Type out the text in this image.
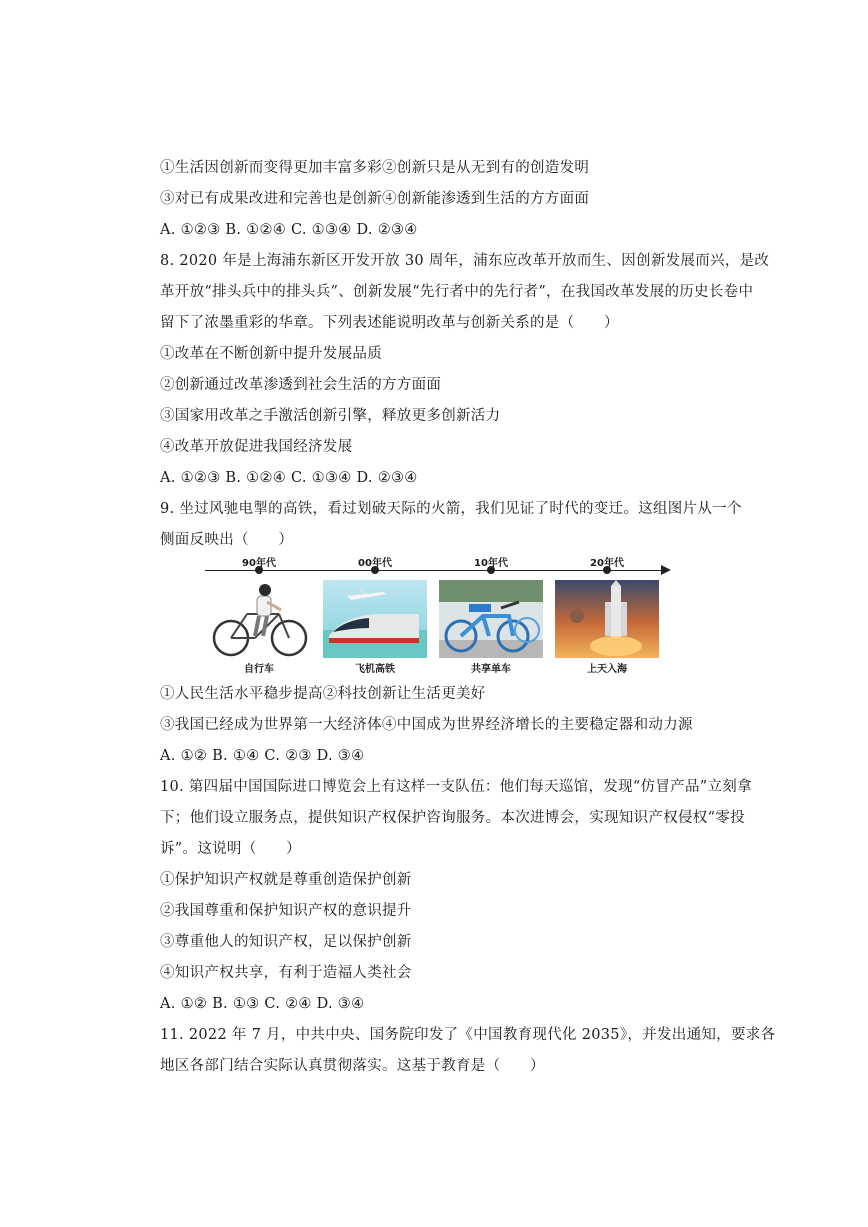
①生活因创新而变得更加丰富多彩②创新只是从无到有的创造发明
③对已有成果改进和完善也是创新④创新能渗透到生活的方方面面
A. ①②③ B. ①②④ C. ①③④ D. ②③④
8. 2020 年是上海浦东新区开发开放 30 周年，浦东应改革开放而生、因创新发展而兴，是改
革开放“排头兵中的排头兵”、创新发展“先行者中的先行者”，在我国改革发展的历史长卷中
留下了浓墨重彩的华章。下列表述能说明改革与创新关系的是（　　）
①改革在不断创新中提升发展品质
②创新通过改革渗透到社会生活的方方面面
③国家用改革之手激活创新引擎，释放更多创新活力
④改革开放促进我国经济发展
A. ①②③ B. ①②④ C. ①③④ D. ②③④
9. 坐过风驰电掣的高铁，看过划破天际的火箭，我们见证了时代的变迁。这组图片从一个
侧面反映出（　　）
90年代	00年代	10年代	20年代
自行车	飞机高铁	共享单车	上天入海
①人民生活水平稳步提高②科技创新让生活更美好
③我国已经成为世界第一大经济体④中国成为世界经济增长的主要稳定器和动力源
A. ①② B. ①④ C. ②③ D. ③④
10. 第四届中国国际进口博览会上有这样一支队伍：他们每天巡馆，发现“仿冒产品”立刻拿
下；他们设立服务点，提供知识产权保护咨询服务。本次进博会，实现知识产权侵权“零投
诉”。这说明（　　）
①保护知识产权就是尊重创造保护创新
②我国尊重和保护知识产权的意识提升
③尊重他人的知识产权，足以保护创新
④知识产权共享，有利于造福人类社会
A. ①② B. ①③ C. ②④ D. ③④
11. 2022 年 7 月，中共中央、国务院印发了《中国教育现代化 2035》，并发出通知，要求各
地区各部门结合实际认真贯彻落实。这基于教育是（　　）
